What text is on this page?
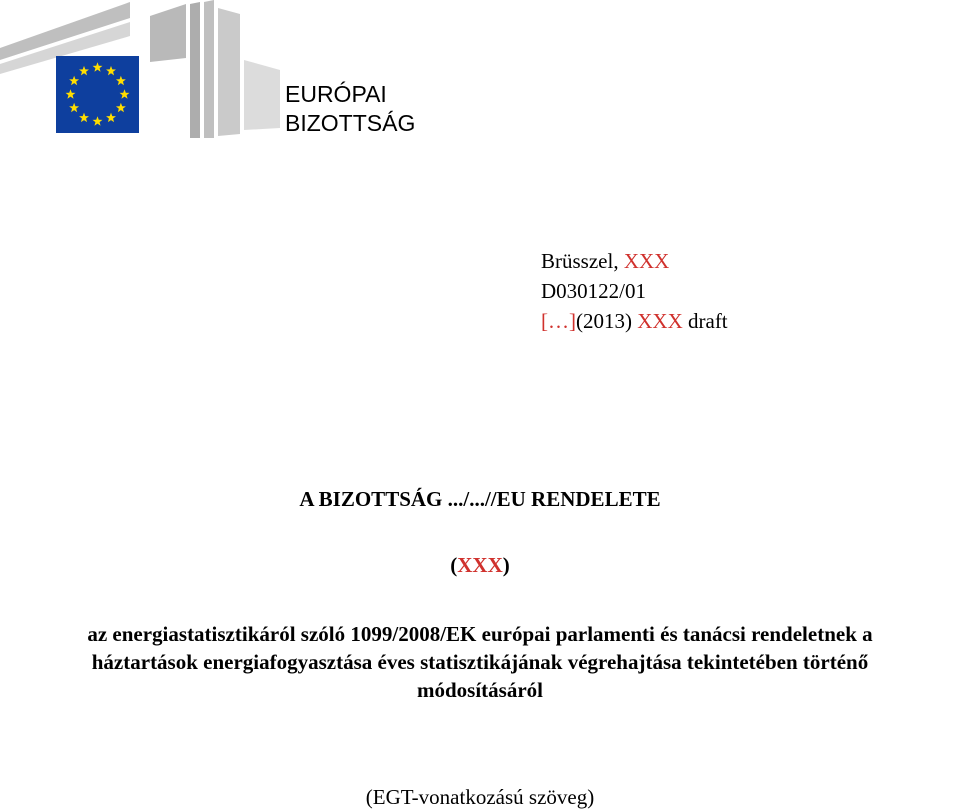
EURÓPAI
BIZOTTSÁG
Brüsszel, XXX
D030122/01
[…](2013) XXX draft
A BIZOTTSÁG .../...//EU RENDELETE
(XXX)
az energiastatisztikáról szóló 1099/2008/EK európai parlamenti és tanácsi rendeletnek a
háztartások energiafogyasztása éves statisztikájának végrehajtása tekintetében történő
módosításáról
(EGT-vonatkozású szöveg)
